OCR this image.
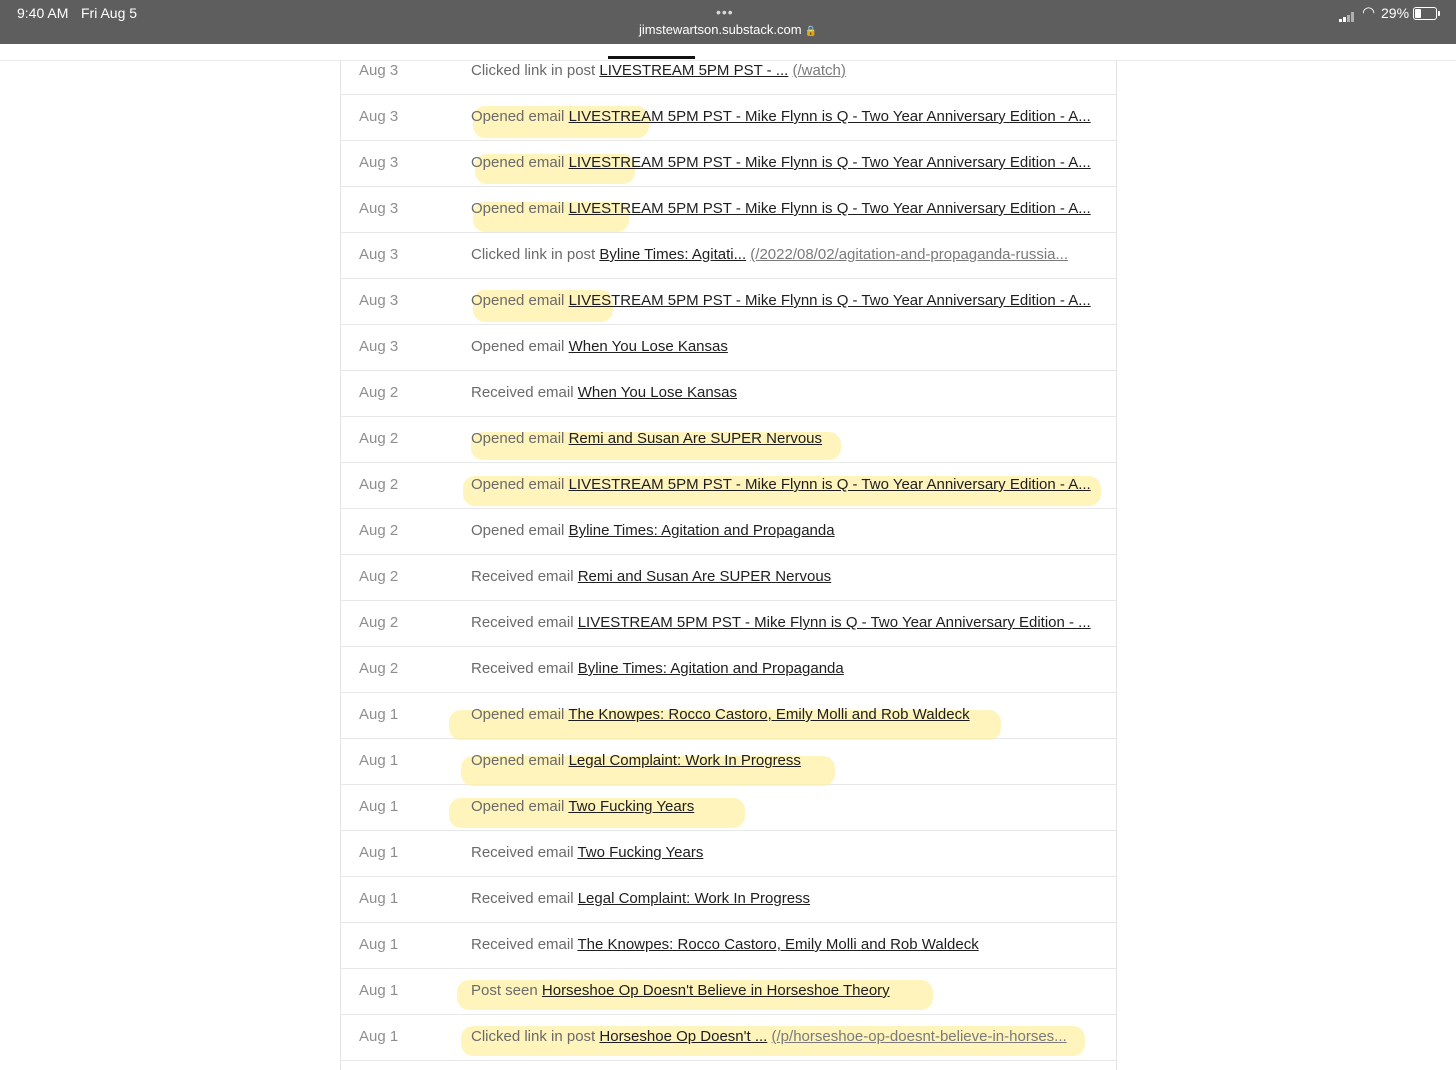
9:40 AM Fri Aug 5	•••
jimstewartson.substack.com 🔒
◠ 29%
Aug 3	Clicked link in post LIVESTREAM 5PM PST - ... (/watch)
Aug 3	Opened email LIVESTREAM 5PM PST - Mike Flynn is Q - Two Year Anniversary Edition - A...
Aug 3	Opened email LIVESTREAM 5PM PST - Mike Flynn is Q - Two Year Anniversary Edition - A...
Aug 3	Opened email LIVESTREAM 5PM PST - Mike Flynn is Q - Two Year Anniversary Edition - A...
Aug 3	Clicked link in post Byline Times: Agitati... (/2022/08/02/agitation-and-propaganda-russia...
Aug 3	Opened email LIVESTREAM 5PM PST - Mike Flynn is Q - Two Year Anniversary Edition - A...
Aug 3	Opened email When You Lose Kansas
Aug 2	Received email When You Lose Kansas
Aug 2	Opened email Remi and Susan Are SUPER Nervous
Aug 2	Opened email LIVESTREAM 5PM PST - Mike Flynn is Q - Two Year Anniversary Edition - A...
Aug 2	Opened email Byline Times: Agitation and Propaganda
Aug 2	Received email Remi and Susan Are SUPER Nervous
Aug 2	Received email LIVESTREAM 5PM PST - Mike Flynn is Q - Two Year Anniversary Edition - ...
Aug 2	Received email Byline Times: Agitation and Propaganda
Aug 1	Opened email The Knowpes: Rocco Castoro, Emily Molli and Rob Waldeck
Aug 1	Opened email Legal Complaint: Work In Progress
Aug 1	Opened email Two Fucking Years
Aug 1	Received email Two Fucking Years
Aug 1	Received email Legal Complaint: Work In Progress
Aug 1	Received email The Knowpes: Rocco Castoro, Emily Molli and Rob Waldeck
Aug 1	Post seen Horseshoe Op Doesn't Believe in Horseshoe Theory
Aug 1	Clicked link in post Horseshoe Op Doesn't ... (/p/horseshoe-op-doesnt-believe-in-horses...
